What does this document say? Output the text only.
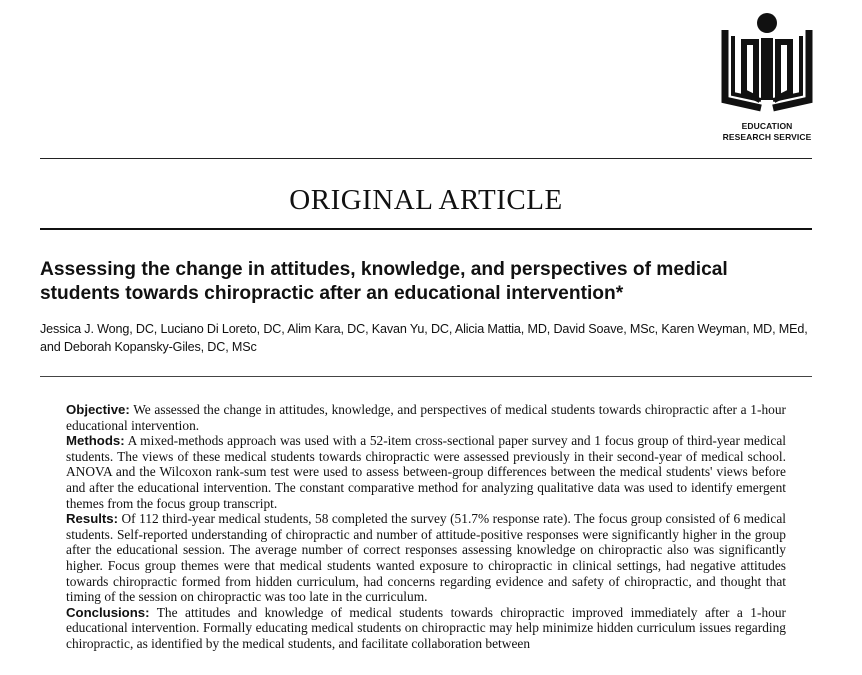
EDUCATION
RESEARCH SERVICE
ORIGINAL ARTICLE
Assessing the change in attitudes, knowledge, and perspectives of medical students towards chiropractic after an educational intervention*

Jessica J. Wong, DC, Luciano Di Loreto, DC, Alim Kara, DC, Kavan Yu, DC, Alicia Mattia, MD, David Soave, MSc, Karen Weyman, MD, MEd, and Deborah Kopansky-Giles, DC, MSc

Objective: We assessed the change in attitudes, knowledge, and perspectives of medical students towards chiropractic after a 1-hour educational intervention.

Methods: A mixed-methods approach was used with a 52-item cross-sectional paper survey and 1 focus group of third-year medical students. The views of these medical students towards chiropractic were assessed previously in their second-year of medical school. ANOVA and the Wilcoxon rank-sum test were used to assess between-group differences between the medical students' views before and after the educational intervention. The constant comparative method for analyzing qualitative data was used to identify emergent themes from the focus group transcript.

Results: Of 112 third-year medical students, 58 completed the survey (51.7% response rate). The focus group consisted of 6 medical students. Self-reported understanding of chiropractic and number of attitude-positive responses were significantly higher in the group after the educational session. The average number of correct responses assessing knowledge on chiropractic also was significantly higher. Focus group themes were that medical students wanted exposure to chiropractic in clinical settings, had negative attitudes towards chiropractic formed from hidden curriculum, had concerns regarding evidence and safety of chiropractic, and thought that timing of the session on chiropractic was too late in the curriculum.

Conclusions: The attitudes and knowledge of medical students towards chiropractic improved immediately after a 1-hour educational intervention. Formally educating medical students on chiropractic may help minimize hidden curriculum issues regarding chiropractic, as identified by the medical students, and facilitate collaboration between
